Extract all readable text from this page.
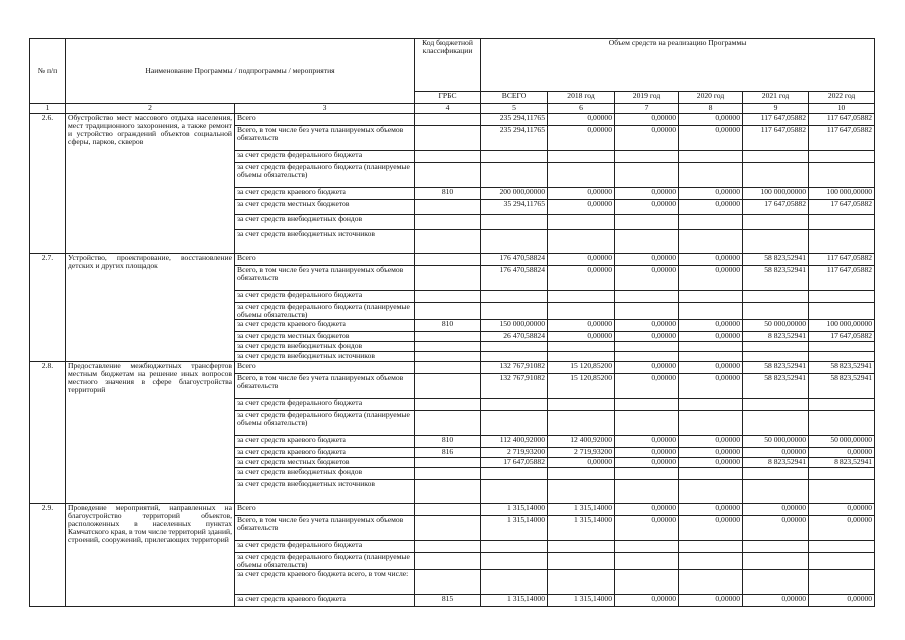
№ п/п	Наименование Программы / подпрограммы / мероприятия		Код бюджетной классификации	Объем средств на реализацию Программы					
			ГРБС	ВСЕГО	2018 год	2019 год	2020 год	2021 год	2022 год
1	2	3	4	5	6	7	8	9	10
2.6.	Обустройство мест массового отдыха населения, мест традиционного захоронения, а также ремонт и устройство ограждений объектов социальной сферы, парков, скверов	Всего		235 294,11765	0,00000	0,00000	0,00000	117 647,05882	117 647,05882
		Всего, в том числе без учета планируемых объемов обязательств		235 294,11765	0,00000	0,00000	0,00000	117 647,05882	117 647,05882
		за счет средств федерального бюджета							
		за счет средств федерального бюджета (планируемые объемы обязательств)							
		за счет средств краевого бюджета	810	200 000,00000	0,00000	0,00000	0,00000	100 000,00000	100 000,00000
		за счет средств местных бюджетов		35 294,11765	0,00000	0,00000	0,00000	17 647,05882	17 647,05882
		за счет средств внебюджетных фондов							
		за счет средств внебюджетных источников							
2.7.	Устройство, проектирование, восстановление детских и других площадок	Всего		176 470,58824	0,00000	0,00000	0,00000	58 823,52941	117 647,05882
		Всего, в том числе без учета планируемых объемов обязательств		176 470,58824	0,00000	0,00000	0,00000	58 823,52941	117 647,05882
		за счет средств федерального бюджета							
		за счет средств федерального бюджета (планируемые объемы обязательств)							
		за счет средств краевого бюджета	810	150 000,00000	0,00000	0,00000	0,00000	50 000,00000	100 000,00000
		за счет средств местных бюджетов		26 470,58824	0,00000	0,00000	0,00000	8 823,52941	17 647,05882
		за счет средств внебюджетных фондов							
		за счет средств внебюджетных источников							
2.8.	Предоставление межбюджетных трансфертов местным бюджетам на решение иных вопросов местного значения в сфере благоустройства территорий	Всего		132 767,91082	15 120,85200	0,00000	0,00000	58 823,52941	58 823,52941
		Всего, в том числе без учета планируемых объемов обязательств		132 767,91082	15 120,85200	0,00000	0,00000	58 823,52941	58 823,52941
		за счет средств федерального бюджета							
		за счет средств федерального бюджета (планируемые объемы обязательств)							
		за счет средств краевого бюджета	810	112 400,92000	12 400,92000	0,00000	0,00000	50 000,00000	50 000,00000
		за счет средств краевого бюджета	816	2 719,93200	2 719,93200	0,00000	0,00000	0,00000	0,00000
		за счет средств местных бюджетов		17 647,05882	0,00000	0,00000	0,00000	8 823,52941	8 823,52941
		за счет средств внебюджетных фондов							
		за счет средств внебюджетных источников							
2.9.	Проведение мероприятий, направленных на благоустройство территорий объектов, расположенных в населенных пунктах Камчатского края, в том числе территорий зданий, строений, сооружений, прилегающих территорий	Всего		1 315,14000	1 315,14000	0,00000	0,00000	0,00000	0,00000
		Всего, в том числе без учета планируемых объемов обязательств		1 315,14000	1 315,14000	0,00000	0,00000	0,00000	0,00000
		за счет средств федерального бюджета							
		за счет средств федерального бюджета (планируемые объемы обязательств)							
		за счет средств краевого бюджета всего, в том числе:							
		за счет средств краевого бюджета	815	1 315,14000	1 315,14000	0,00000	0,00000	0,00000	0,00000
